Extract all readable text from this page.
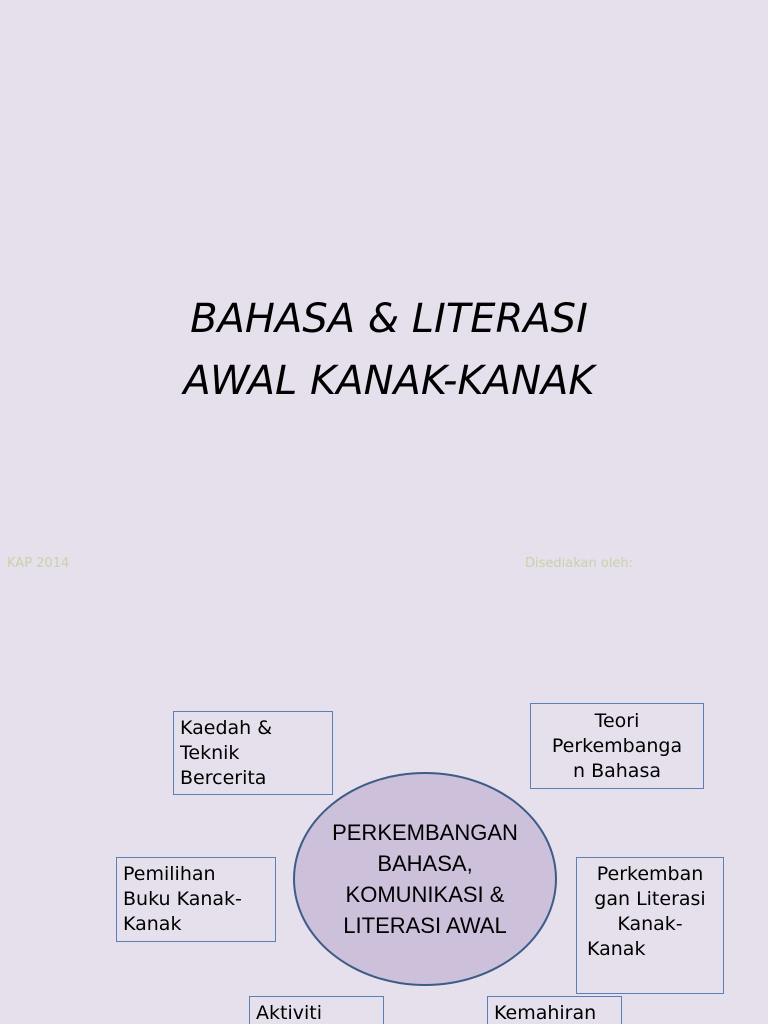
BAHASA & LITERASI
AWAL KANAK-KANAK
KAP 2014	Disediakan oleh:
Kaedah &
Teknik
Bercerita
Teori
Perkembanga
n Bahasa
Pemilihan
Buku Kanak-
Kanak
Perkemban
gan Literasi
Kanak-
Kanak
Aktiviti	Kemahiran
PERKEMBANGAN
BAHASA,
KOMUNIKASI &
LITERASI AWAL
